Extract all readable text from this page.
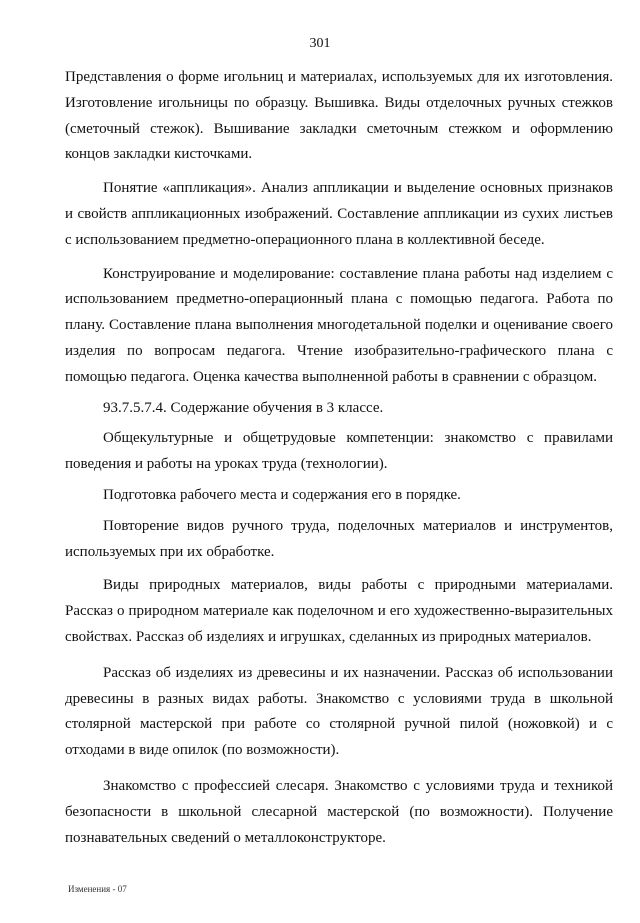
301

Представления о форме игольниц и материалах, используемых для их изготовления. Изготовление игольницы по образцу. Вышивка. Виды отделочных ручных стежков (сметочный стежок). Вышивание закладки сметочным стежком и оформлению концов закладки кисточками.

Понятие «аппликация». Анализ аппликации и выделение основных признаков и свойств аппликационных изображений. Составление аппликации из сухих листьев с использованием предметно-операционного плана в коллективной беседе.

Конструирование и моделирование: составление плана работы над изделием с использованием предметно-операционный плана с помощью педагога. Работа по плану. Составление плана выполнения многодетальной поделки и оценивание своего изделия по вопросам педагога. Чтение изобразительно-графического плана с помощью педагога. Оценка качества выполненной работы в сравнении с образцом.

93.7.5.7.4. Содержание обучения в 3 классе.

Общекультурные и общетрудовые компетенции: знакомство с правилами поведения и работы на уроках труда (технологии).

Подготовка рабочего места и содержания его в порядке.

Повторение видов ручного труда, поделочных материалов и инструментов, используемых при их обработке.

Виды природных материалов, виды работы с природными материалами. Рассказ о природном материале как поделочном и его художественно-выразительных свойствах. Рассказ об изделиях и игрушках, сделанных из природных материалов.

Рассказ об изделиях из древесины и их назначении. Рассказ об использовании древесины в разных видах работы. Знакомство с условиями труда в школьной столярной мастерской при работе со столярной ручной пилой (ножовкой) и с отходами в виде опилок (по возможности).

Знакомство с профессией слесаря. Знакомство с условиями труда и техникой безопасности в школьной слесарной мастерской (по возможности). Получение познавательных сведений о металлоконструкторе.

Изменения - 07
